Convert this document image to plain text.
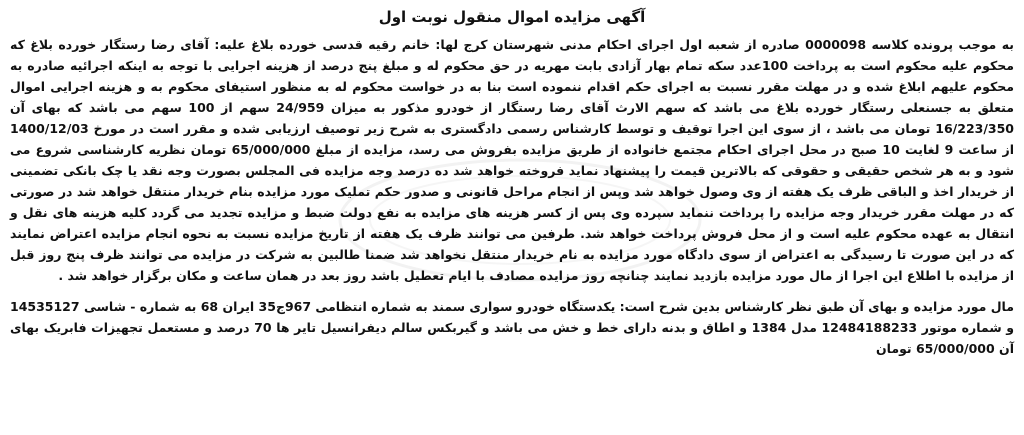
آگهی مزایده اموال منقول نوبت اول

به موجب پرونده کلاسه 0000098 صادره از شعبه اول اجرای احکام مدنی شهرستان کرج لها: خانم رقیه قدسی خورده بلاغ علیه: آقای رضا رستگار خورده بلاغ که محکوم علیه محکوم است به پرداخت 100عدد سکه تمام بهار آزادی بابت مهریه در حق محکوم له و مبلغ پنج درصد از هزینه اجرایی با توجه به اینکه اجرائیه صادره به محکوم علیهم ابلاغ شده و در مهلت مقرر نسبت به اجرای حکم اقدام ننموده است بنا به در خواست محکوم له به منظور استیفای محکوم به و هزینه اجرایی اموال متعلق به جسنعلی رستگار خورده بلاغ می باشد که سهم الارث آقای رضا رستگار از خودرو مذکور به میزان 24/959 سهم از 100 سهم می باشد که بهای آن 16/223/350 تومان می باشد ، از سوی این اجرا توقیف و توسط کارشناس رسمی دادگستری به شرح زیر توصیف ارزیابی شده و مقرر است در مورخ 1400/12/03 از ساعت 9 لغایت 10 صبح در محل اجرای احکام مجتمع خانواده از طریق مزایده بفروش می رسد، مزایده از مبلغ 65/000/000 تومان نظریه کارشناسی شروع می شود و به هر شخص حقیقی و حقوقی که بالاترین قیمت را پیشنهاد نماید فروخته خواهد شد ده درصد وجه مزایده فی المجلس بصورت وجه نقد یا چک بانکی تضمینی از خریدار اخذ و الباقی ظرف یک هفته از وی وصول خواهد شد وپس از انجام مراحل قانونی و صدور حکم تملیک مورد مزایده بنام خریدار منتقل خواهد شد در صورتی که در مهلت مقرر خریدار وجه مزایده را پرداخت ننماید سپرده وی پس از کسر هزینه های مزایده به نفع دولت ضبط و مزایده تجدید می گردد کلیه هزینه های نقل و انتقال به عهده محکوم علیه است و از محل فروش پرداخت خواهد شد. طرفین می توانند ظرف یک هفته از تاریخ مزایده نسبت به نحوه انجام مزایده اعتراض نمایند که در این صورت تا رسیدگی به اعتراض از سوی دادگاه مورد مزایده به نام خریدار منتقل نخواهد شد ضمنا طالبین به شرکت در مزایده می توانند ظرف پنج روز قبل از مزایده با اطلاع این اجرا از مال مورد مزایده بازدید نمایند چنانچه روز مزایده مصادف با ایام تعطیل باشد روز بعد در همان ساعت و مکان برگزار خواهد شد .

مال مورد مزایده و بهای آن طبق نظر کارشناس بدین شرح است: یکدستگاه خودرو سواری سمند به شماره انتظامی 967ج35 ایران 68 به شماره - شاسی 14535127 و شماره موتور 12484188233 مدل 1384 و اطاق و بدنه دارای خط و خش می باشد و گیربکس سالم دیفرانسیل تایر ها 70 درصد و مستعمل تجهیزات فابریک بهای آن 65/000/000 تومان
